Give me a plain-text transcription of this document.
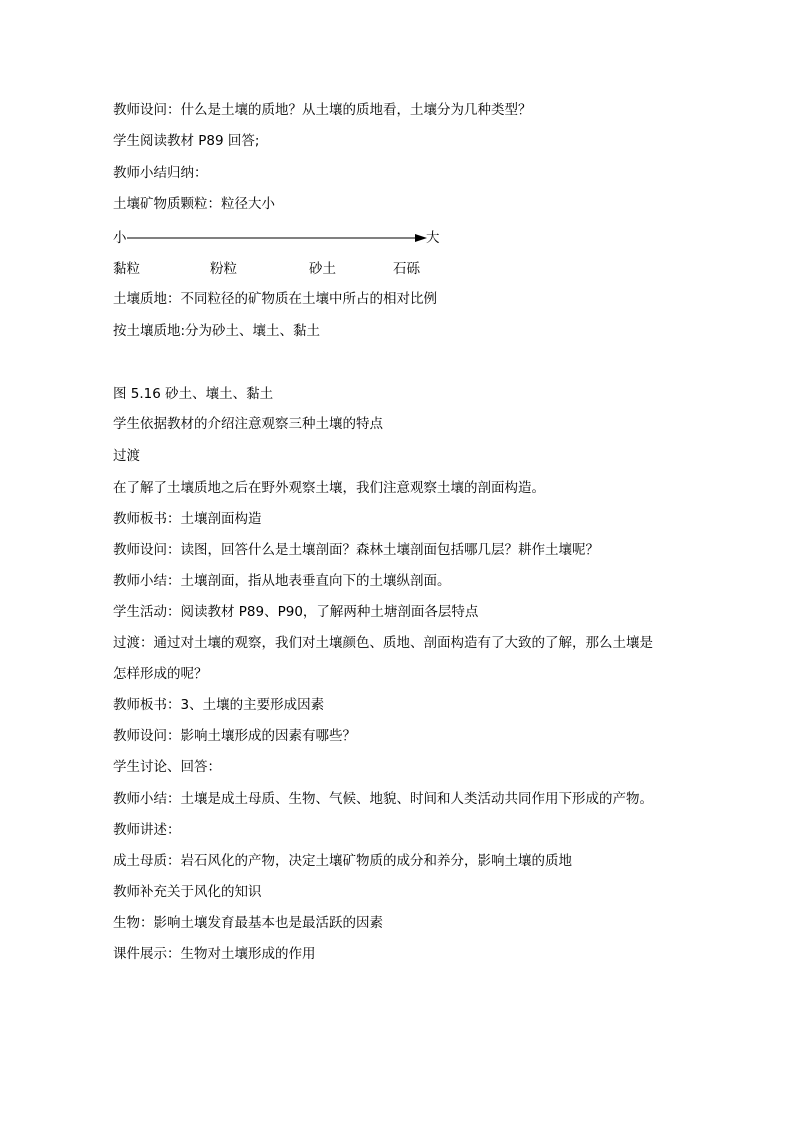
教师设问：什么是土壤的质地？从土壤的质地看，土壤分为几种类型？
学生阅读教材 P89 回答;
教师小结归纳：
土壤矿物质颗粒：粒径大小
小	大
黏粒	粉粒	砂土	石砾
土壤质地：不同粒径的矿物质在土壤中所占的相对比例
按土壤质地:分为砂土、壤土、黏土
图 5.16 砂土、壤土、黏土
学生依据教材的介绍注意观察三种土壤的特点
过渡
在了解了土壤质地之后在野外观察土壤，我们注意观察土壤的剖面构造。
教师板书：土壤剖面构造
教师设问：读图，回答什么是土壤剖面？森林土壤剖面包括哪几层？耕作土壤呢？
教师小结：土壤剖面，指从地表垂直向下的土壤纵剖面。
学生活动：阅读教材 P89、P90，了解两种土塘剖面各层特点
过渡：通过对土壤的观察，我们对土壤颜色、质地、剖面构造有了大致的了解，那么土壤是
怎样形成的呢？
教师板书：3、土壤的主要形成因素
教师设问：影响土壤形成的因素有哪些？
学生讨论、回答：
教师小结：土壤是成土母质、生物、气候、地貌、时间和人类活动共同作用下形成的产物。
教师讲述：
成土母质：岩石风化的产物，决定土壤矿物质的成分和养分，影响土壤的质地
教师补充关于风化的知识
生物：影响土壤发育最基本也是最活跃的因素
课件展示：生物对土壤形成的作用
